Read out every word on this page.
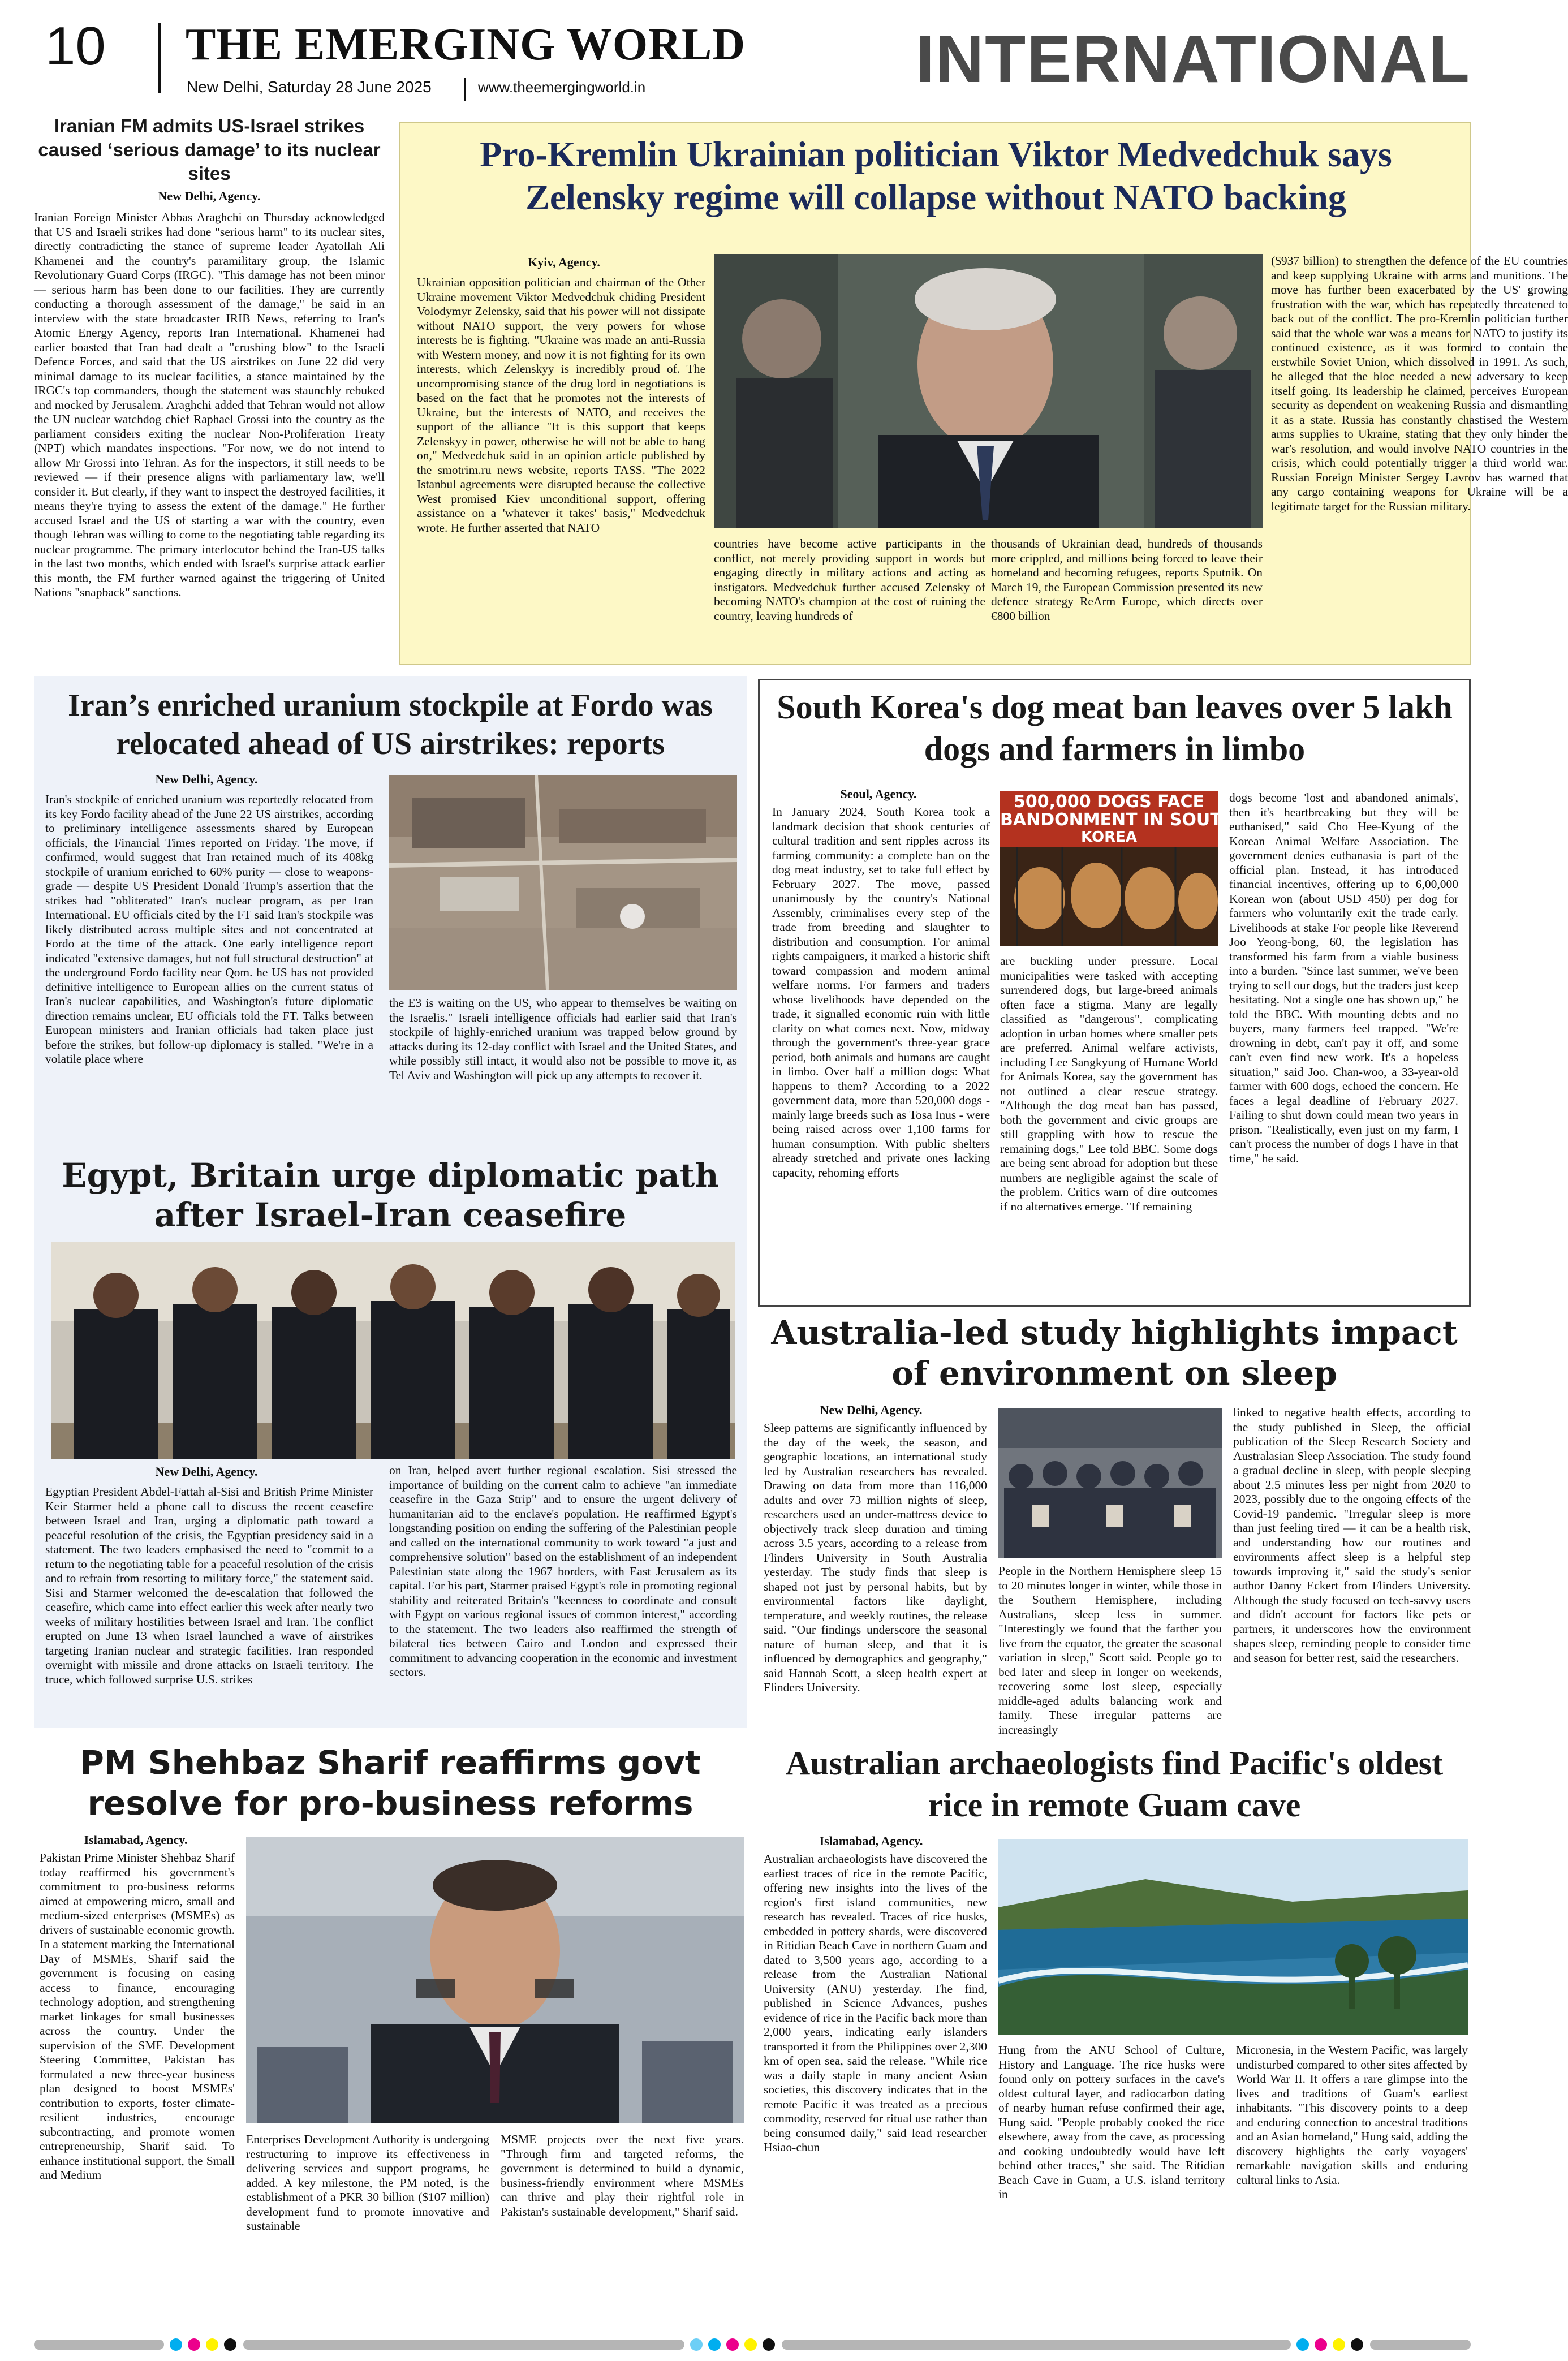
10 THE EMERGING WORLD
New Delhi, Saturday 28 June 2025	www.theemergingworld.in	INTERNATIONAL
Iranian FM admits US-Israel strikes caused ‘serious damage’ to its nuclear sites
New Delhi, Agency.
Iranian Foreign Minister Abbas Araghchi on Thursday acknowledged that US and Israeli strikes had done "serious harm" to its nuclear sites, directly contradicting the stance of supreme leader Ayatollah Ali Khamenei and the country's paramilitary group, the Islamic Revolutionary Guard Corps (IRGC). "This damage has not been minor — serious harm has been done to our facilities. They are currently conducting a thorough assessment of the damage," he said in an interview with the state broadcaster IRIB News, referring to Iran's Atomic Energy Agency, reports Iran International. Khamenei had earlier boasted that Iran had dealt a "crushing blow" to the Israeli Defence Forces, and said that the US airstrikes on June 22 did very minimal damage to its nuclear facilities, a stance maintained by the IRGC's top commanders, though the statement was staunchly rebuked and mocked by Jerusalem. Araghchi added that Tehran would not allow the UN nuclear watchdog chief Raphael Grossi into the country as the parliament considers exiting the nuclear Non-Proliferation Treaty (NPT) which mandates inspections. "For now, we do not intend to allow Mr Grossi into Tehran. As for the inspectors, it still needs to be reviewed — if their presence aligns with parliamentary law, we'll consider it. But clearly, if they want to inspect the destroyed facilities, it means they're trying to assess the extent of the damage." He further accused Israel and the US of starting a war with the country, even though Tehran was willing to come to the negotiating table regarding its nuclear programme. The primary interlocutor behind the Iran-US talks in the last two months, which ended with Israel's surprise attack earlier this month, the FM further warned against the triggering of United Nations "snapback" sanctions.
Pro-Kremlin Ukrainian politician Viktor Medvedchuk says Zelensky regime will collapse without NATO backing
Kyiv, Agency.
Ukrainian opposition politician and chairman of the Other Ukraine movement Viktor Medvedchuk chiding President Volodymyr Zelensky, said that his power will not dissipate without NATO support, the very powers for whose interests he is fighting. "Ukraine was made an anti-Russia with Western money, and now it is not fighting for its own interests, which Zelenskyy is incredibly proud of. The uncompromising stance of the drug lord in negotiations is based on the fact that he promotes not the interests of Ukraine, but the interests of NATO, and receives the support of the alliance "It is this support that keeps Zelenskyy in power, otherwise he will not be able to hang on," Medvedchuk said in an opinion article published by the smotrim.ru news website, reports TASS. "The 2022 Istanbul agreements were disrupted because the collective West promised Kiev unconditional support, offering assistance on a 'whatever it takes' basis," Medvedchuk wrote. He further asserted that NATO
countries have become active participants in the conflict, not merely providing support in words but engaging directly in military actions and acting as instigators. Medvedchuk further accused Zelensky of becoming NATO's champion at the cost of ruining the country, leaving hundreds of
thousands of Ukrainian dead, hundreds of thousands more crippled, and millions being forced to leave their homeland and becoming refugees, reports Sputnik. On March 19, the European Commission presented its new defence strategy ReArm Europe, which directs over €800 billion
($937 billion) to strengthen the defence of the EU countries and keep supplying Ukraine with arms and munitions. The move has further been exacerbated by the US' growing frustration with the war, which has repeatedly threatened to back out of the conflict. The pro-Kremlin politician further said that the whole war was a means for NATO to justify its continued existence, as it was formed to contain the erstwhile Soviet Union, which dissolved in 1991. As such, he alleged that the bloc needed a new adversary to keep itself going. Its leadership he claimed, perceives European security as dependent on weakening Russia and dismantling it as a state. Russia has constantly chastised the Western arms supplies to Ukraine, stating that they only hinder the war's resolution, and would involve NATO countries in the crisis, which could potentially trigger a third world war. Russian Foreign Minister Sergey Lavrov has warned that any cargo containing weapons for Ukraine will be a legitimate target for the Russian military.
Iran’s enriched uranium stockpile at Fordo was relocated ahead of US airstrikes: reports
New Delhi, Agency.
Iran's stockpile of enriched uranium was reportedly relocated from its key Fordo facility ahead of the June 22 US airstrikes, according to preliminary intelligence assessments shared by European officials, the Financial Times reported on Friday. The move, if confirmed, would suggest that Iran retained much of its 408kg stockpile of uranium enriched to 60% purity — close to weapons-grade — despite US President Donald Trump's assertion that the strikes had "obliterated" Iran's nuclear program, as per Iran International. EU officials cited by the FT said Iran's stockpile was likely distributed across multiple sites and not concentrated at Fordo at the time of the attack. One early intelligence report indicated "extensive damages, but not full structural destruction" at the underground Fordo facility near Qom. he US has not provided definitive intelligence to European allies on the current status of Iran's nuclear capabilities, and Washington's future diplomatic direction remains unclear, EU officials told the FT. Talks between European ministers and Iranian officials had taken place just before the strikes, but follow-up diplomacy is stalled. "We're in a volatile place where
the E3 is waiting on the US, who appear to themselves be waiting on the Israelis." Israeli intelligence officials had earlier said that Iran's stockpile of highly-enriched uranium was trapped below ground by attacks during its 12-day conflict with Israel and the United States, and while possibly still intact, it would also not be possible to move it, as Tel Aviv and Washington will pick up any attempts to recover it.
Egypt, Britain urge diplomatic path after Israel-Iran ceasefire
New Delhi, Agency.
Egyptian President Abdel-Fattah al-Sisi and British Prime Minister Keir Starmer held a phone call to discuss the recent ceasefire between Israel and Iran, urging a diplomatic path toward a peaceful resolution of the crisis, the Egyptian presidency said in a statement. The two leaders emphasised the need to "commit to a return to the negotiating table for a peaceful resolution of the crisis and to refrain from resorting to military force," the statement said. Sisi and Starmer welcomed the de-escalation that followed the ceasefire, which came into effect earlier this week after nearly two weeks of military hostilities between Israel and Iran. The conflict erupted on June 13 when Israel launched a wave of airstrikes targeting Iranian nuclear and strategic facilities. Iran responded overnight with missile and drone attacks on Israeli territory. The truce, which followed surprise U.S. strikes
on Iran, helped avert further regional escalation. Sisi stressed the importance of building on the current calm to achieve "an immediate ceasefire in the Gaza Strip" and to ensure the urgent delivery of humanitarian aid to the enclave's population. He reaffirmed Egypt's longstanding position on ending the suffering of the Palestinian people and called on the international community to work toward "a just and comprehensive solution" based on the establishment of an independent Palestinian state along the 1967 borders, with East Jerusalem as its capital. For his part, Starmer praised Egypt's role in promoting regional stability and reiterated Britain's "keenness to coordinate and consult with Egypt on various regional issues of common interest," according to the statement. The two leaders also reaffirmed the strength of bilateral ties between Cairo and London and expressed their commitment to advancing cooperation in the economic and investment sectors.
South Korea's dog meat ban leaves over 5 lakh dogs and farmers in limbo
Seoul, Agency.
In January 2024, South Korea took a landmark decision that shook centuries of cultural tradition and sent ripples across its farming community: a complete ban on the dog meat industry, set to take full effect by February 2027. The move, passed unanimously by the country's National Assembly, criminalises every step of the trade from breeding and slaughter to distribution and consumption. For animal rights campaigners, it marked a historic shift toward compassion and modern animal welfare norms. For farmers and traders whose livelihoods have depended on the trade, it signalled economic ruin with little clarity on what comes next. Now, midway through the government's three-year grace period, both animals and humans are caught in limbo. Over half a million dogs: What happens to them? According to a 2022 government data, more than 520,000 dogs - mainly large breeds such as Tosa Inus - were being raised across over 1,100 farms for human consumption. With public shelters already stretched and private ones lacking capacity, rehoming efforts
500,000 DOGS FACE
BANDONMENT IN SOUT
KOREA
are buckling under pressure. Local municipalities were tasked with accepting surrendered dogs, but large-breed animals often face a stigma. Many are legally classified as "dangerous", complicating adoption in urban homes where smaller pets are preferred. Animal welfare activists, including Lee Sangkyung of Humane World for Animals Korea, say the government has not outlined a clear rescue strategy. "Although the dog meat ban has passed, both the government and civic groups are still grappling with how to rescue the remaining dogs," Lee told BBC. Some dogs are being sent abroad for adoption but these numbers are negligible against the scale of the problem. Critics warn of dire outcomes if no alternatives emerge. "If remaining
dogs become 'lost and abandoned animals', then it's heartbreaking but they will be euthanised," said Cho Hee-Kyung of the Korean Animal Welfare Association. The government denies euthanasia is part of the official plan. Instead, it has introduced financial incentives, offering up to 6,00,000 Korean won (about USD 450) per dog for farmers who voluntarily exit the trade early. Livelihoods at stake For people like Reverend Joo Yeong-bong, 60, the legislation has transformed his farm from a viable business into a burden. "Since last summer, we've been trying to sell our dogs, but the traders just keep hesitating. Not a single one has shown up," he told the BBC. With mounting debts and no buyers, many farmers feel trapped. "We're drowning in debt, can't pay it off, and some can't even find new work. It's a hopeless situation," said Joo. Chan-woo, a 33-year-old farmer with 600 dogs, echoed the concern. He faces a legal deadline of February 2027. Failing to shut down could mean two years in prison. "Realistically, even just on my farm, I can't process the number of dogs I have in that time," he said.
Australia-led study highlights impact of environment on sleep
New Delhi, Agency.
Sleep patterns are significantly influenced by the day of the week, the season, and geographic locations, an international study led by Australian researchers has revealed. Drawing on data from more than 116,000 adults and over 73 million nights of sleep, researchers used an under-mattress device to objectively track sleep duration and timing across 3.5 years, according to a release from Flinders University in South Australia yesterday. The study finds that sleep is shaped not just by personal habits, but by environmental factors like daylight, temperature, and weekly routines, the release said. "Our findings underscore the seasonal nature of human sleep, and that it is influenced by demographics and geography," said Hannah Scott, a sleep health expert at Flinders University.
People in the Northern Hemisphere sleep 15 to 20 minutes longer in winter, while those in the Southern Hemisphere, including Australians, sleep less in summer. "Interestingly we found that the farther you live from the equator, the greater the seasonal variation in sleep," Scott said. People go to bed later and sleep in longer on weekends, recovering some lost sleep, especially middle-aged adults balancing work and family. These irregular patterns are increasingly
linked to negative health effects, according to the study published in Sleep, the official publication of the Sleep Research Society and Australasian Sleep Association. The study found a gradual decline in sleep, with people sleeping about 2.5 minutes less per night from 2020 to 2023, possibly due to the ongoing effects of the Covid-19 pandemic. "Irregular sleep is more than just feeling tired — it can be a health risk, and understanding how our routines and environments affect sleep is a helpful step towards improving it," said the study's senior author Danny Eckert from Flinders University. Although the study focused on tech-savvy users and didn't account for factors like pets or partners, it underscores how the environment shapes sleep, reminding people to consider time and season for better rest, said the researchers.
PM Shehbaz Sharif reaffirms govt resolve for pro-business reforms
Islamabad, Agency.
Pakistan Prime Minister Shehbaz Sharif today reaffirmed his government's commitment to pro-business reforms aimed at empowering micro, small and medium-sized enterprises (MSMEs) as drivers of sustainable economic growth. In a statement marking the International Day of MSMEs, Sharif said the government is focusing on easing access to finance, encouraging technology adoption, and strengthening market linkages for small businesses across the country. Under the supervision of the SME Development Steering Committee, Pakistan has formulated a new three-year business plan designed to boost MSMEs' contribution to exports, foster climate-resilient industries, encourage subcontracting, and promote women entrepreneurship, Sharif said. To enhance institutional support, the Small and Medium
Enterprises Development Authority is undergoing restructuring to improve its effectiveness in delivering services and support programs, he added. A key milestone, the PM noted, is the establishment of a PKR 30 billion ($107 million) development fund to promote innovative and sustainable
MSME projects over the next five years. "Through firm and targeted reforms, the government is determined to build a dynamic, business-friendly environment where MSMEs can thrive and play their rightful role in Pakistan's sustainable development," Sharif said.
Australian archaeologists find Pacific's oldest rice in remote Guam cave
Islamabad, Agency.
Australian archaeologists have discovered the earliest traces of rice in the remote Pacific, offering new insights into the lives of the region's first island communities, new research has revealed. Traces of rice husks, embedded in pottery shards, were discovered in Ritidian Beach Cave in northern Guam and dated to 3,500 years ago, according to a release from the Australian National University (ANU) yesterday. The find, published in Science Advances, pushes evidence of rice in the Pacific back more than 2,000 years, indicating early islanders transported it from the Philippines over 2,300 km of open sea, said the release. "While rice was a daily staple in many ancient Asian societies, this discovery indicates that in the remote Pacific it was treated as a precious commodity, reserved for ritual use rather than being consumed daily," said lead researcher Hsiao-chun
Hung from the ANU School of Culture, History and Language. The rice husks were found only on pottery surfaces in the cave's oldest cultural layer, and radiocarbon dating of nearby human refuse confirmed their age, Hung said. "People probably cooked the rice elsewhere, away from the cave, as processing and cooking undoubtedly would have left behind other traces," she said. The Ritidian Beach Cave in Guam, a U.S. island territory in
Micronesia, in the Western Pacific, was largely undisturbed compared to other sites affected by World War II. It offers a rare glimpse into the lives and traditions of Guam's earliest inhabitants. "This discovery points to a deep and enduring connection to ancestral traditions and an Asian homeland," Hung said, adding the discovery highlights the early voyagers' remarkable navigation skills and enduring cultural links to Asia.
